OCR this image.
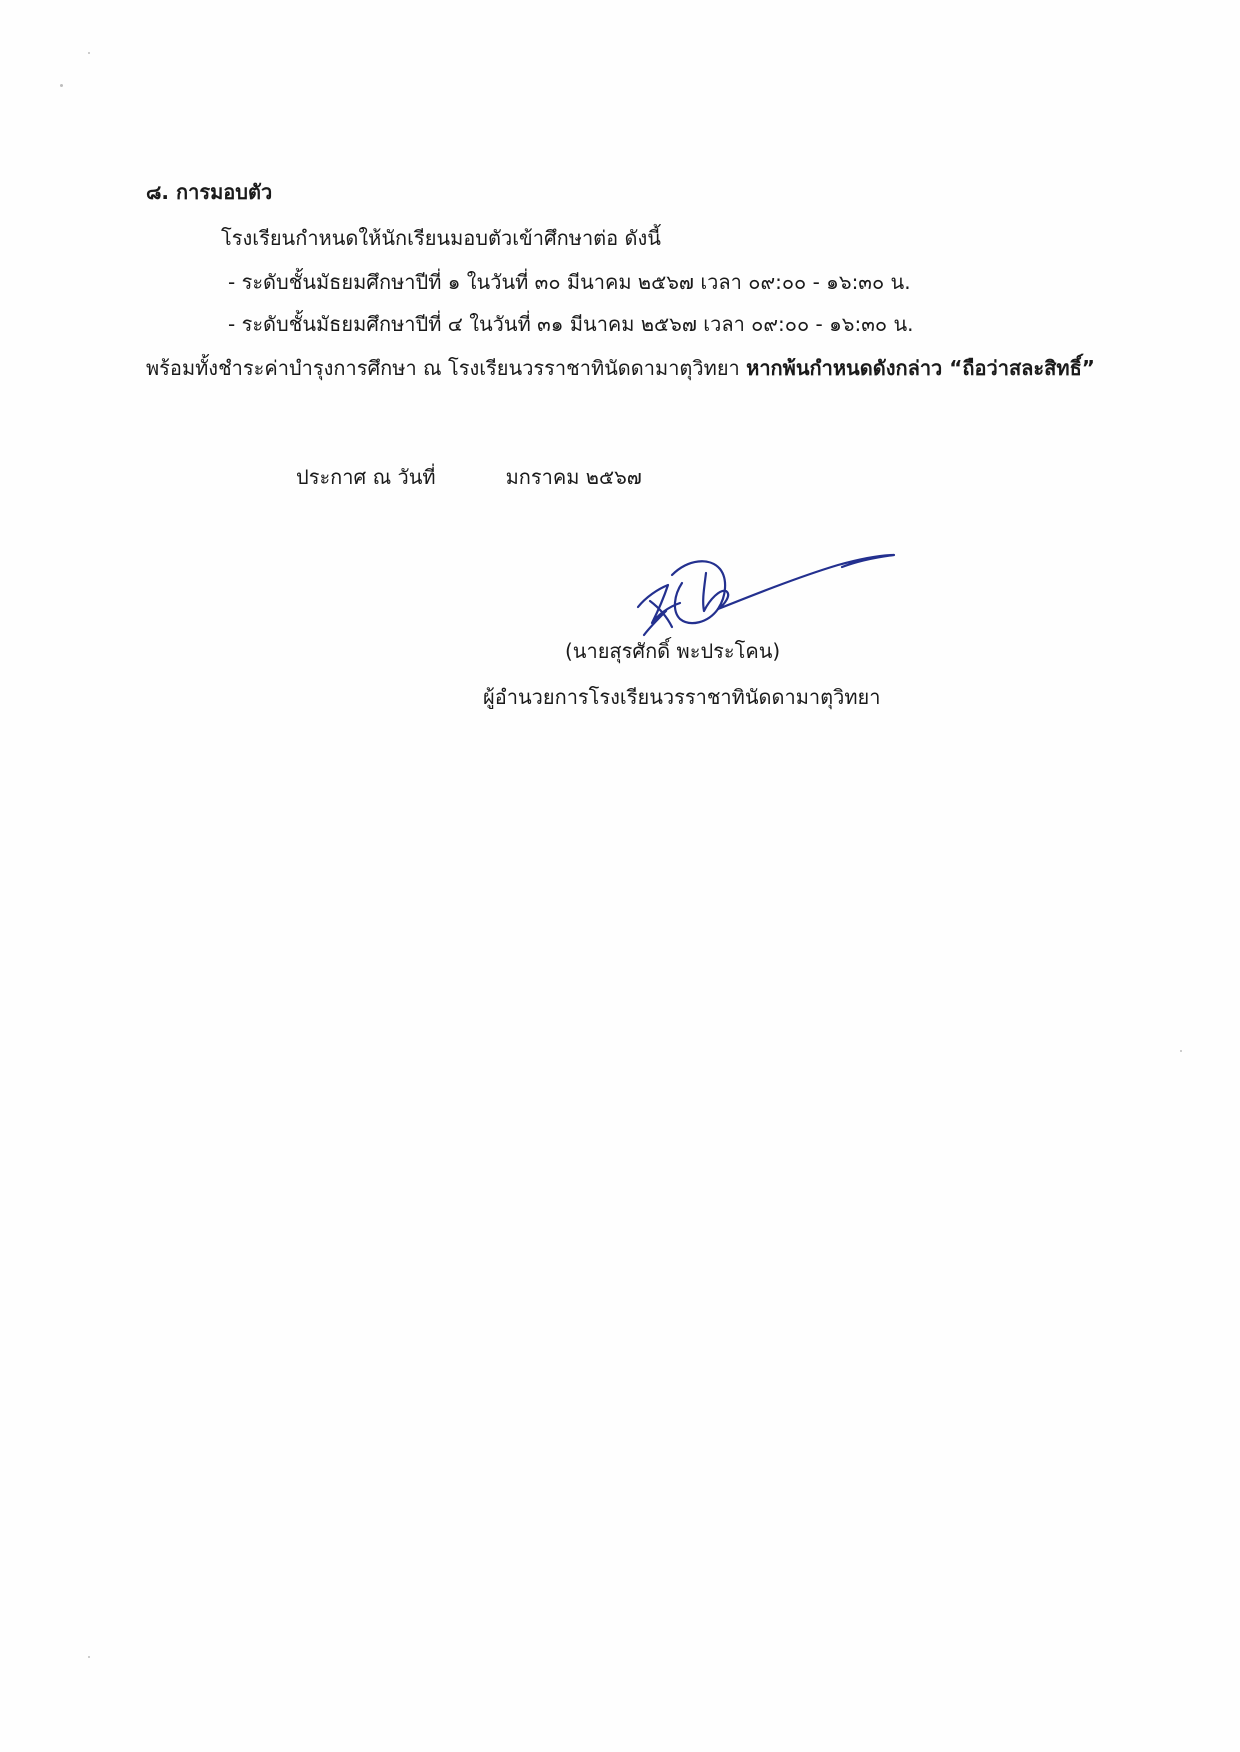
๘. การมอบตัว
โรงเรียนกำหนดให้นักเรียนมอบตัวเข้าศึกษาต่อ ดังนี้
- ระดับชั้นมัธยมศึกษาปีที่ ๑ ในวันที่ ๓๐ มีนาคม ๒๕๖๗ เวลา ๐๙:๐๐ - ๑๖:๓๐ น.
- ระดับชั้นมัธยมศึกษาปีที่ ๔ ในวันที่ ๓๑ มีนาคม ๒๕๖๗ เวลา ๐๙:๐๐ - ๑๖:๓๐ น.
พร้อมทั้งชำระค่าบำรุงการศึกษา ณ โรงเรียนวรราชาทินัดดามาตุวิทยา หากพ้นกำหนดดังกล่าว “ถือว่าสละสิทธิ์”
ประกาศ ณ วันที่	มกราคม ๒๕๖๗
(นายสุรศักดิ์ พะประโคน)
ผู้อำนวยการโรงเรียนวรราชาทินัดดามาตุวิทยา
